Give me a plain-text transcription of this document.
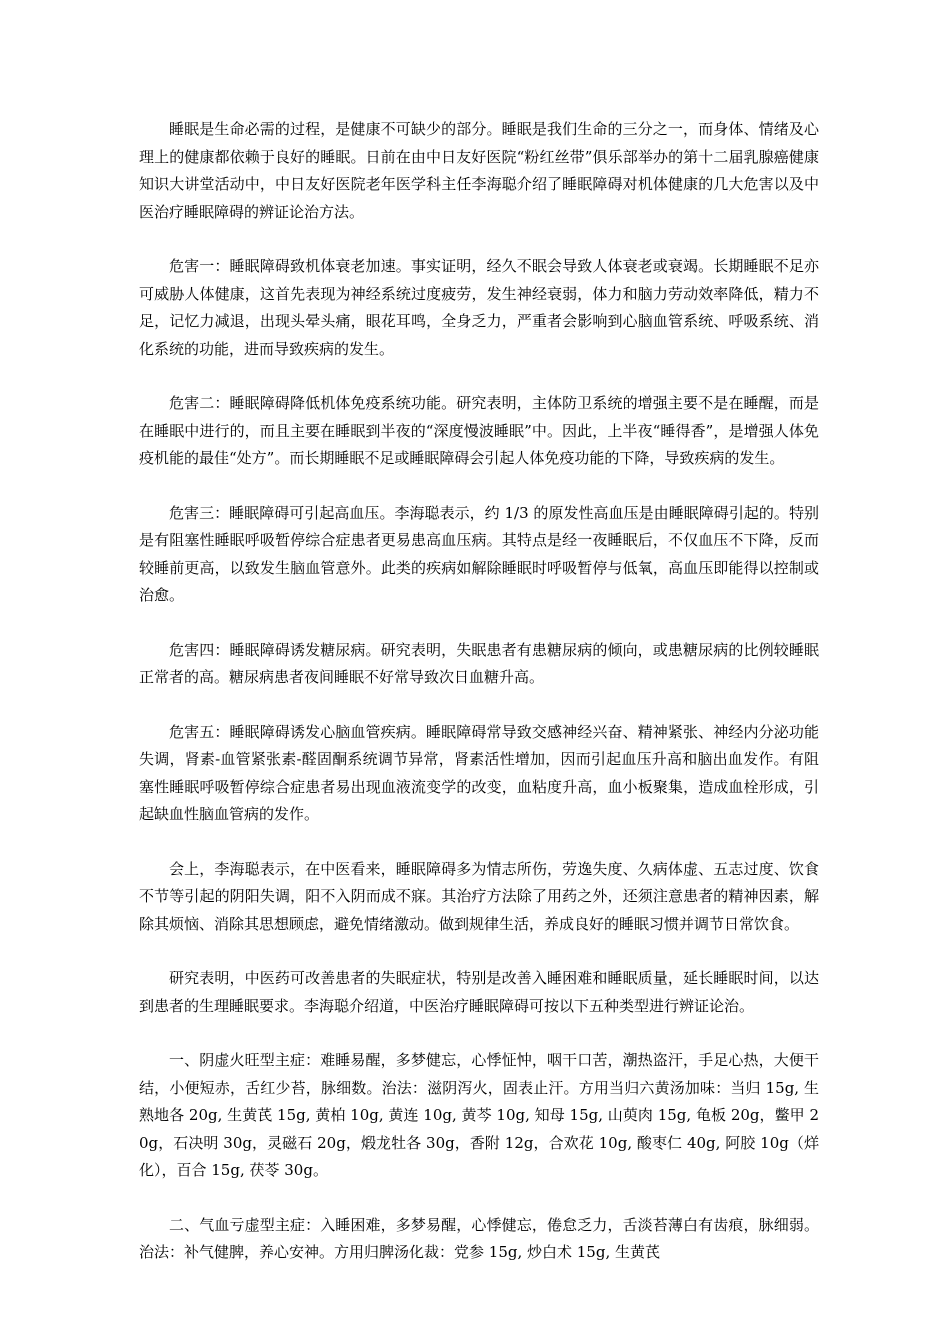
睡眠是生命必需的过程，是健康不可缺少的部分。睡眠是我们生命的三分之一，而身体、情绪及心理上的健康都依赖于良好的睡眠。日前在由中日友好医院“粉红丝带”俱乐部举办的第十二届乳腺癌健康知识大讲堂活动中，中日友好医院老年医学科主任李海聪介绍了睡眠障碍对机体健康的几大危害以及中医治疗睡眠障碍的辨证论治方法。

危害一：睡眠障碍致机体衰老加速。事实证明，经久不眠会导致人体衰老或衰竭。长期睡眠不足亦可威胁人体健康，这首先表现为神经系统过度疲劳，发生神经衰弱，体力和脑力劳动效率降低，精力不足，记忆力减退，出现头晕头痛，眼花耳鸣，全身乏力，严重者会影响到心脑血管系统、呼吸系统、消化系统的功能，进而导致疾病的发生。

危害二：睡眠障碍降低机体免疫系统功能。研究表明，主体防卫系统的增强主要不是在睡醒，而是在睡眠中进行的，而且主要在睡眠到半夜的“深度慢波睡眠”中。因此，上半夜“睡得香”，是增强人体免疫机能的最佳“处方”。而长期睡眠不足或睡眠障碍会引起人体免疫功能的下降，导致疾病的发生。

危害三：睡眠障碍可引起高血压。李海聪表示，约 1/3 的原发性高血压是由睡眠障碍引起的。特别是有阻塞性睡眠呼吸暂停综合症患者更易患高血压病。其特点是经一夜睡眠后，不仅血压不下降，反而较睡前更高，以致发生脑血管意外。此类的疾病如解除睡眠时呼吸暂停与低氧，高血压即能得以控制或治愈。

危害四：睡眠障碍诱发糖尿病。研究表明，失眠患者有患糖尿病的倾向，或患糖尿病的比例较睡眠正常者的高。糖尿病患者夜间睡眠不好常导致次日血糖升高。

危害五：睡眠障碍诱发心脑血管疾病。睡眠障碍常导致交感神经兴奋、精神紧张、神经内分泌功能失调，肾素-血管紧张素-醛固酮系统调节异常，肾素活性增加，因而引起血压升高和脑出血发作。有阻塞性睡眠呼吸暂停综合症患者易出现血液流变学的改变，血粘度升高，血小板聚集，造成血栓形成，引起缺血性脑血管病的发作。

会上，李海聪表示，在中医看来，睡眠障碍多为情志所伤，劳逸失度、久病体虚、五志过度、饮食不节等引起的阴阳失调，阳不入阴而成不寐。其治疗方法除了用药之外，还须注意患者的精神因素，解除其烦恼、消除其思想顾虑，避免情绪激动。做到规律生活，养成良好的睡眠习惯并调节日常饮食。

研究表明，中医药可改善患者的失眠症状，特别是改善入睡困难和睡眠质量，延长睡眠时间，以达到患者的生理睡眠要求。李海聪介绍道，中医治疗睡眠障碍可按以下五种类型进行辨证论治。

一、阴虚火旺型主症：难睡易醒，多梦健忘，心悸怔忡，咽干口苦，潮热盗汗，手足心热，大便干结，小便短赤，舌红少苔，脉细数。治法：滋阴泻火，固表止汗。方用当归六黄汤加味：当归 15g, 生熟地各 20g, 生黄芪 15g, 黄柏 10g, 黄连 10g, 黄芩 10g, 知母 15g, 山萸肉 15g, 龟板 20g，鳖甲 20g，石决明 30g，灵磁石 20g，煅龙牡各 30g，香附 12g，合欢花 10g, 酸枣仁 40g, 阿胶 10g（烊化），百合 15g, 茯苓 30g。

二、气血亏虚型主症：入睡困难，多梦易醒，心悸健忘，倦怠乏力，舌淡苔薄白有齿痕，脉细弱。治法：补气健脾，养心安神。方用归脾汤化裁：党参 15g, 炒白术 15g, 生黄芪
